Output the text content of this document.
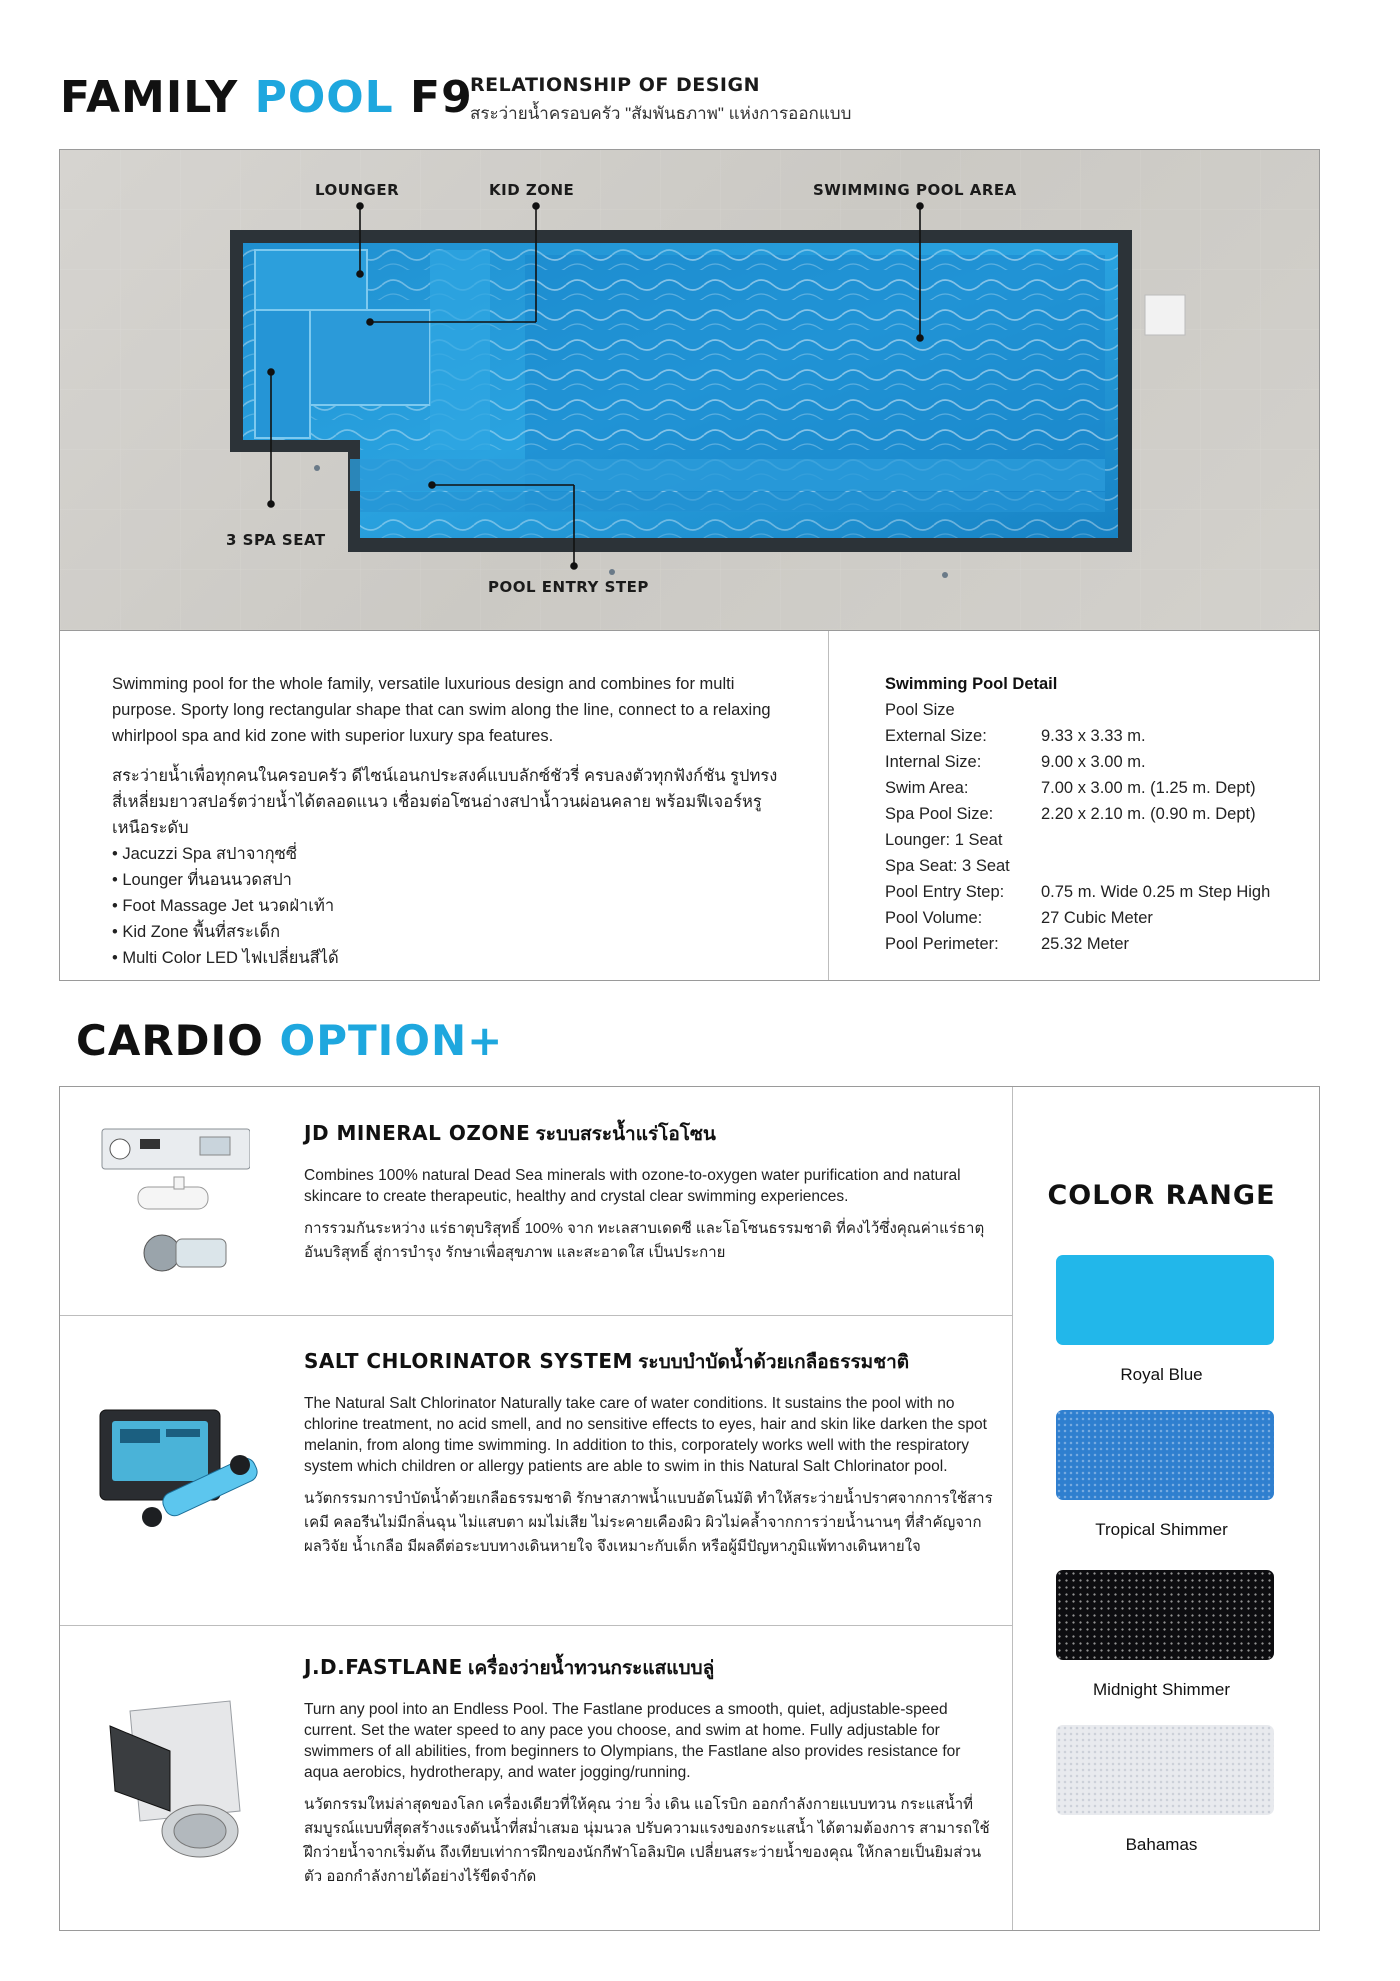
FAMILY POOL F9
RELATIONSHIP OF DESIGN
สระว่ายน้ำครอบครัว "สัมพันธภาพ" แห่งการออกแบบ
LOUNGER	KID ZONE	SWIMMING POOL AREA
3 SPA SEAT
POOL ENTRY STEP

Swimming pool for the whole family, versatile luxurious design and combines for multi purpose. Sporty long rectangular shape that can swim along the line, connect to a relaxing whirlpool spa and kid zone with superior luxury spa features.

สระว่ายน้ำเพื่อทุกคนในครอบครัว ดีไซน์เอนกประสงค์แบบลักซ์ชัวรี่ ครบลงตัวทุกฟังก์ชัน รูปทรงสี่เหลี่ยมยาวสปอร์ตว่ายน้ำได้ตลอดแนว เชื่อมต่อโซนอ่างสปาน้ำวนผ่อนคลาย พร้อมฟีเจอร์หรูเหนือระดับ

• Jacuzzi Spa สปาจากุซซี่
• Lounger ที่นอนนวดสปา
• Foot Massage Jet นวดฝ่าเท้า
• Kid Zone พื้นที่สระเด็ก
• Multi Color LED ไฟเปลี่ยนสีได้
Swimming Pool Detail
Pool Size
External Size:	9.33 x 3.33 m.
Internal Size:	9.00 x 3.00 m.
Swim Area:	7.00 x 3.00 m. (1.25 m. Dept)
Spa Pool Size:	2.20 x 2.10 m. (0.90 m. Dept)
Lounger: 1 Seat
Spa Seat: 3 Seat
Pool Entry Step:	0.75 m. Wide 0.25 m Step High
Pool Volume:	27 Cubic Meter
Pool Perimeter:	25.32 Meter
CARDIO OPTION+
JD MINERAL OZONE ระบบสระน้ำแร่โอโซน

Combines 100% natural Dead Sea minerals with ozone-to-oxygen water purification and natural skincare to create therapeutic, healthy and crystal clear swimming experiences.

การรวมกันระหว่าง แร่ธาตุบริสุทธิ์ 100% จาก ทะเลสาบเดดซี และโอโซนธรรมชาติ ที่คงไว้ซึ่งคุณค่าแร่ธาตุอันบริสุทธิ์ สู่การบำรุง รักษาเพื่อสุขภาพ และสะอาดใส เป็นประกาย

SALT CHLORINATOR SYSTEM ระบบบำบัดน้ำด้วยเกลือธรรมชาติ

The Natural Salt Chlorinator Naturally take care of water conditions. It sustains the pool with no chlorine treatment, no acid smell, and no sensitive effects to eyes, hair and skin like darken the spot melanin, from along time swimming. In addition to this, corporately works well with the respiratory system which children or allergy patients are able to swim in this Natural Salt Chlorinator pool.

นวัตกรรมการบำบัดน้ำด้วยเกลือธรรมชาติ รักษาสภาพน้ำแบบอัตโนมัติ ทำให้สระว่ายน้ำปราศจากการใช้สารเคมี คลอรีนไม่มีกลิ่นฉุน ไม่แสบตา ผมไม่เสีย ไม่ระคายเคืองผิว ผิวไม่คล้ำจากการว่ายน้ำนานๆ ที่สำคัญจากผลวิจัย น้ำเกลือ มีผลดีต่อระบบทางเดินหายใจ จึงเหมาะกับเด็ก หรือผู้มีปัญหาภูมิแพ้ทางเดินหายใจ

J.D.FASTLANE เครื่องว่ายน้ำทวนกระแสแบบลู่

Turn any pool into an Endless Pool. The Fastlane produces a smooth, quiet, adjustable-speed current. Set the water speed to any pace you choose, and swim at home. Fully adjustable for swimmers of all abilities, from beginners to Olympians, the Fastlane also provides resistance for aqua aerobics, hydrotherapy, and water jogging/running.

นวัตกรรมใหม่ล่าสุดของโลก เครื่องเดียวที่ให้คุณ ว่าย วิ่ง เดิน แอโรบิก ออกกำลังกายแบบทวน กระแสน้ำที่สมบูรณ์แบบที่สุดสร้างแรงดันน้ำที่สม่ำเสมอ นุ่มนวล ปรับความแรงของกระแสน้ำ ได้ตามต้องการ สามารถใช้ฝึกว่ายน้ำจากเริ่มต้น ถึงเทียบเท่าการฝึกของนักกีฬาโอลิมปิค เปลี่ยนสระว่ายน้ำของคุณ ให้กลายเป็นยิมส่วนตัว ออกกำลังกายได้อย่างไร้ขีดจำกัด

COLOR RANGE
Royal Blue
Tropical Shimmer
Midnight Shimmer
Bahamas
